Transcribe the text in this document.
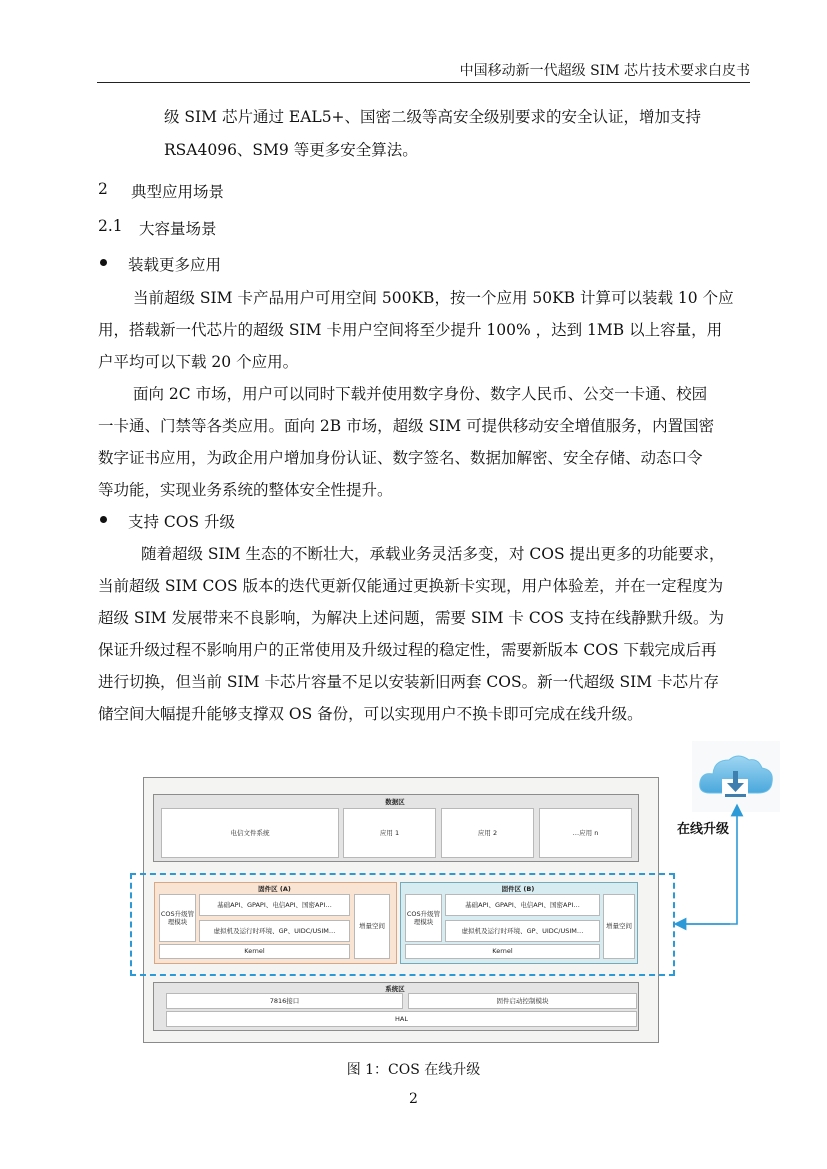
中国移动新一代超级 SIM 芯片技术要求白皮书
级 SIM 芯片通过 EAL5+、国密二级等高安全级别要求的安全认证，增加支持
RSA4096、SM9 等更多安全算法。
2 典型应用场景
2.1 大容量场景
装载更多应用
当前超级 SIM 卡产品用户可用空间 500KB，按一个应用 50KB 计算可以装载 10 个应
用，搭载新一代芯片的超级 SIM 卡用户空间将至少提升 100% ，达到 1MB 以上容量，用
户平均可以下载 20 个应用。
面向 2C 市场，用户可以同时下载并使用数字身份、数字人民币、公交一卡通、校园
一卡通、门禁等各类应用。面向 2B 市场，超级 SIM 可提供移动安全增值服务，内置国密
数字证书应用，为政企用户增加身份认证、数字签名、数据加解密、安全存储、动态口令
等功能，实现业务系统的整体安全性提升。
支持 COS 升级
随着超级 SIM 生态的不断壮大，承载业务灵活多变，对 COS 提出更多的功能要求，
当前超级 SIM COS 版本的迭代更新仅能通过更换新卡实现，用户体验差，并在一定程度为
超级 SIM 发展带来不良影响，为解决上述问题，需要 SIM 卡 COS 支持在线静默升级。为
保证升级过程不影响用户的正常使用及升级过程的稳定性，需要新版本 COS 下载完成后再
进行切换，但当前 SIM 卡芯片容量不足以安装新旧两套 COS。新一代超级 SIM 卡芯片存
储空间大幅提升能够支撑双 OS 备份，可以实现用户不换卡即可完成在线升级。
数据区
电信文件系统	应用 1	应用 2	…应用 n
固件区 (A)
COS升级管理模块
基础API、GPAPI、电信API、国密API…
虚拟机及运行时环境、GP、UIDC/USIM…
Kernel
增量空间
固件区 (B)
COS升级管理模块
基础API、GPAPI、电信API、国密API…
虚拟机及运行时环境、GP、UIDC/USIM…
Kernel
增量空间
系统区
7816接口	固件启动控制模块
HAL
在线升级
图 1：COS 在线升级
2
